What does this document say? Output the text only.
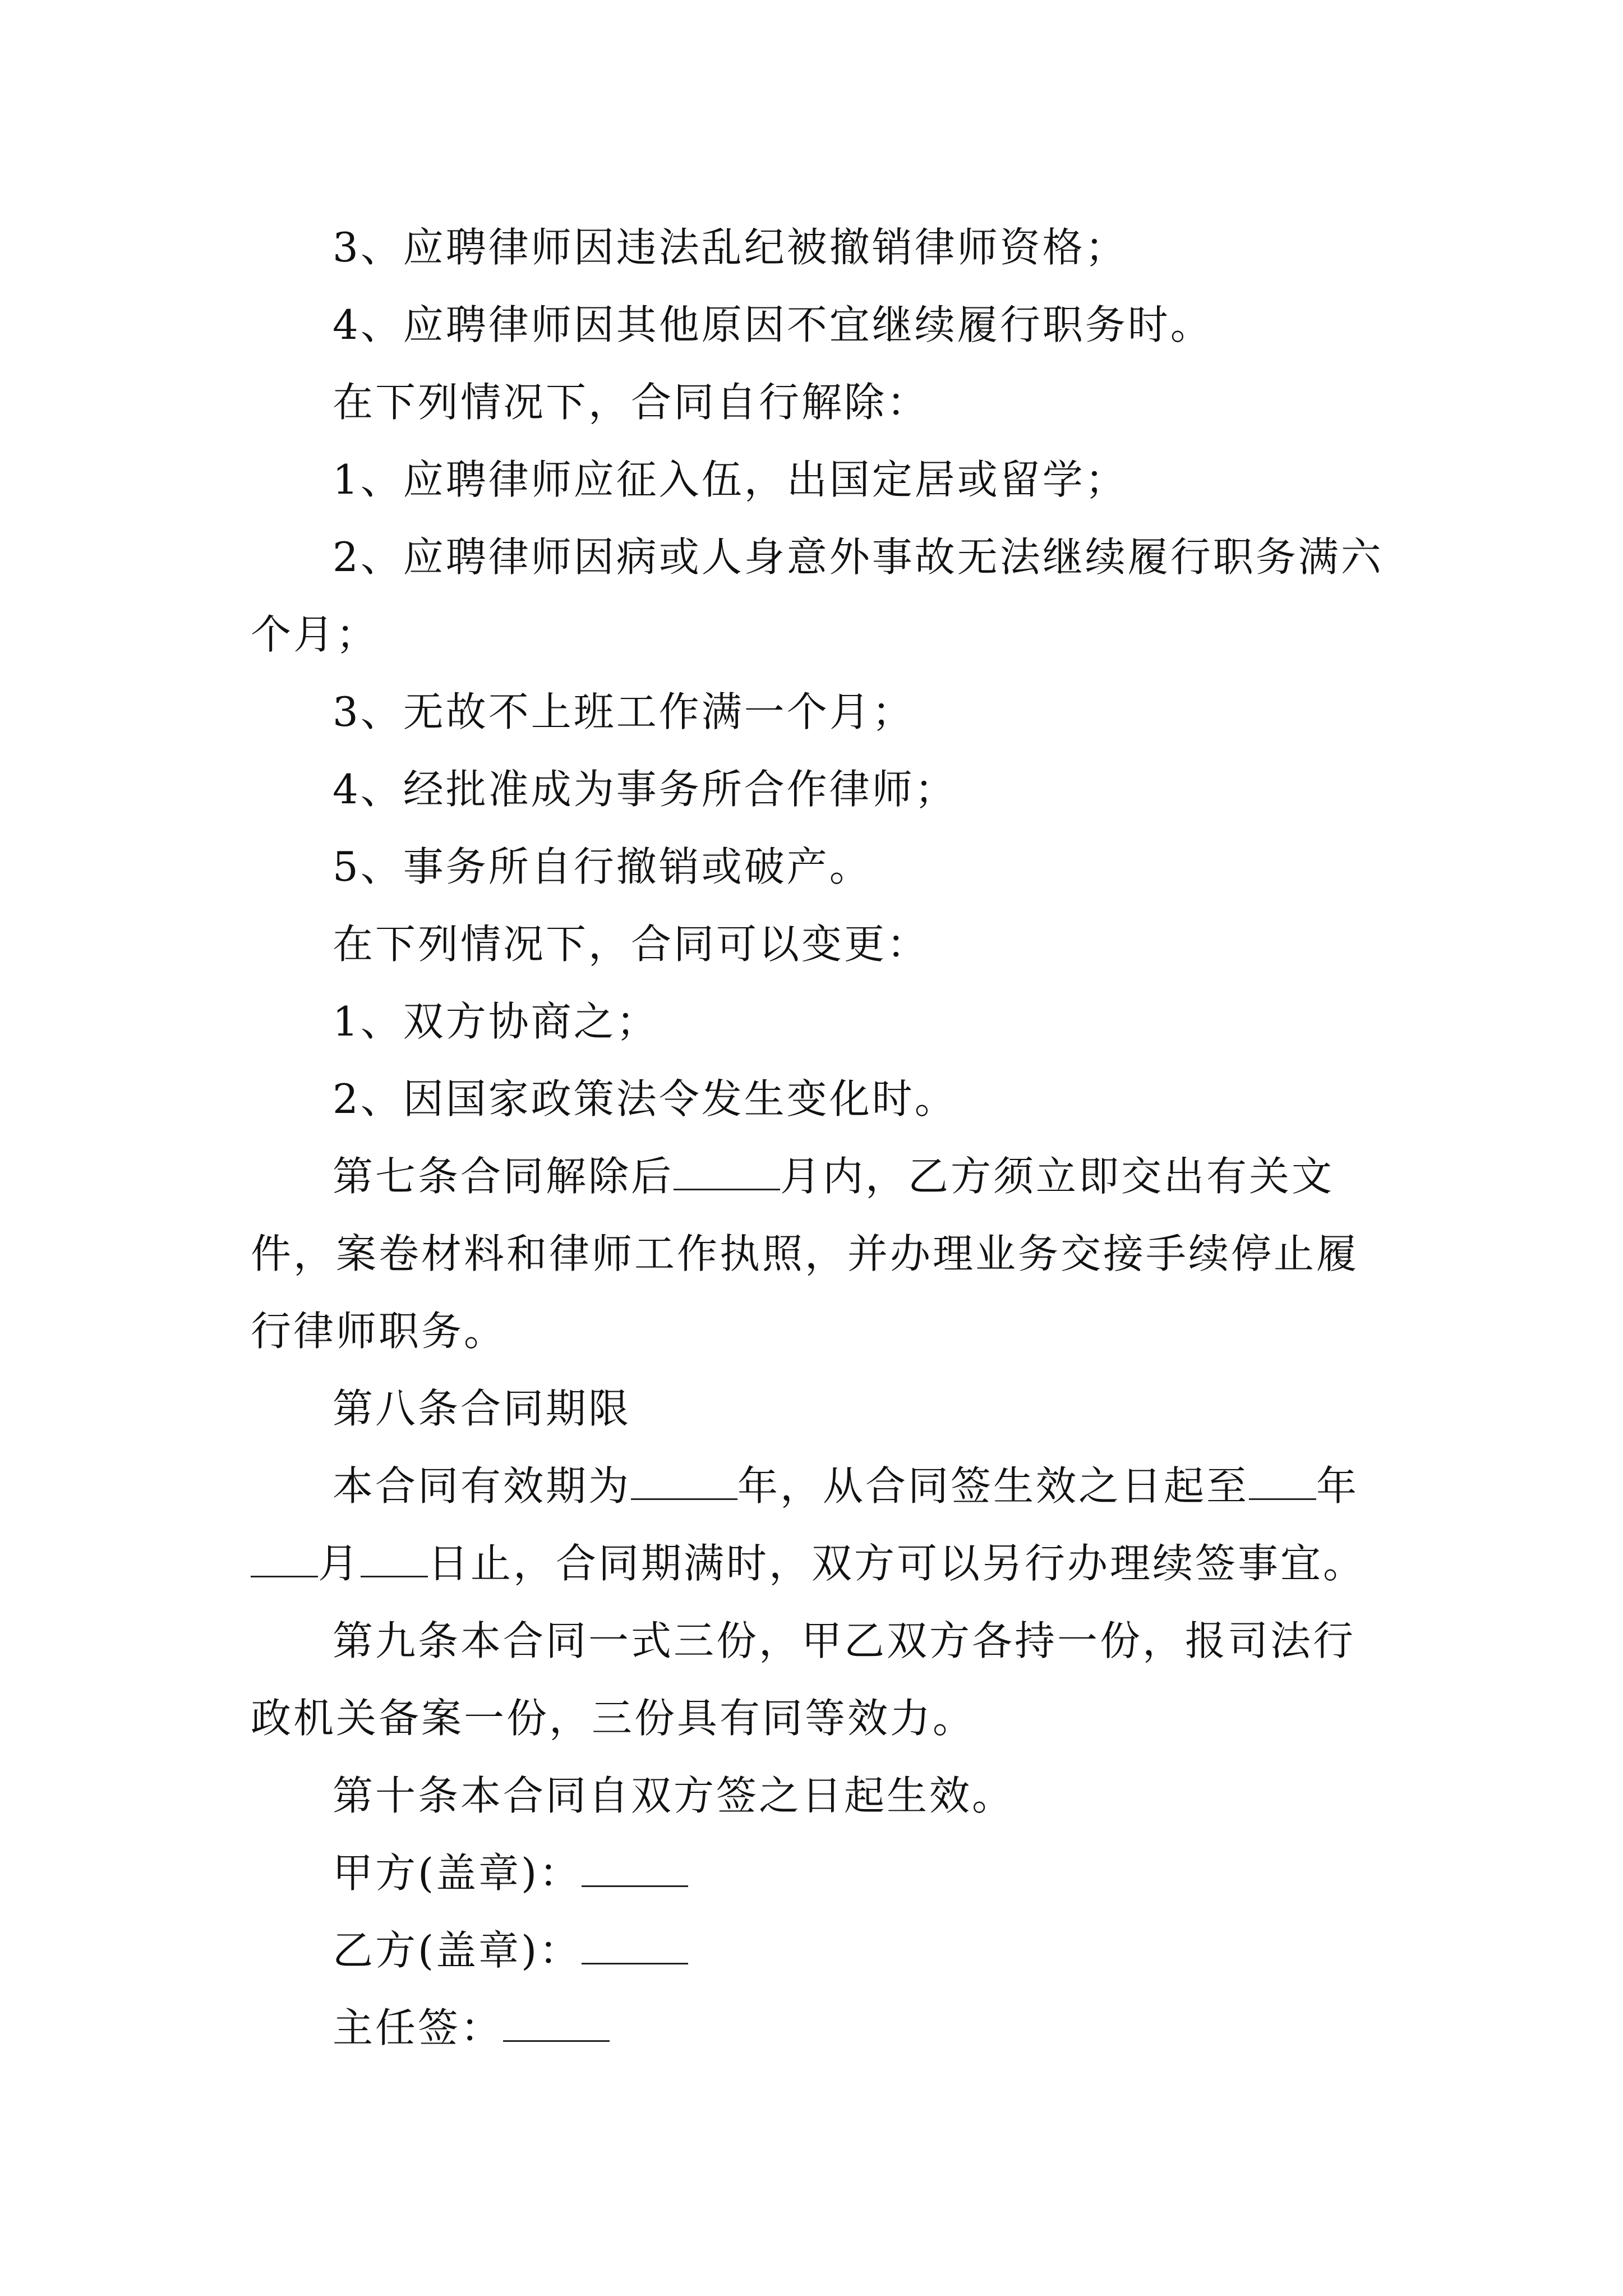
3、应聘律师因违法乱纪被撤销律师资格；

4、应聘律师因其他原因不宜继续履行职务时。

在下列情况下，合同自行解除：

1、应聘律师应征入伍，出国定居或留学；

2、应聘律师因病或人身意外事故无法继续履行职务满六个月；

3、无故不上班工作满一个月；

4、经批准成为事务所合作律师；

5、事务所自行撤销或破产。

在下列情况下，合同可以变更：

1、双方协商之；

2、因国家政策法令发生变化时。

第七条合同解除后	月内，乙方须立即交出有关文件，案卷材料和律师工作执照，并办理业务交接手续停止履行律师职务。

第八条合同期限

本合同有效期为	年，从合同签生效之日起至 年月 日止，合同期满时，双方可以另行办理续签事宜。

第九条本合同一式三份，甲乙双方各持一份，报司法行政机关备案一份，三份具有同等效力。

第十条本合同自双方签之日起生效。

甲方(盖章)：

乙方(盖章)：

主任签：
